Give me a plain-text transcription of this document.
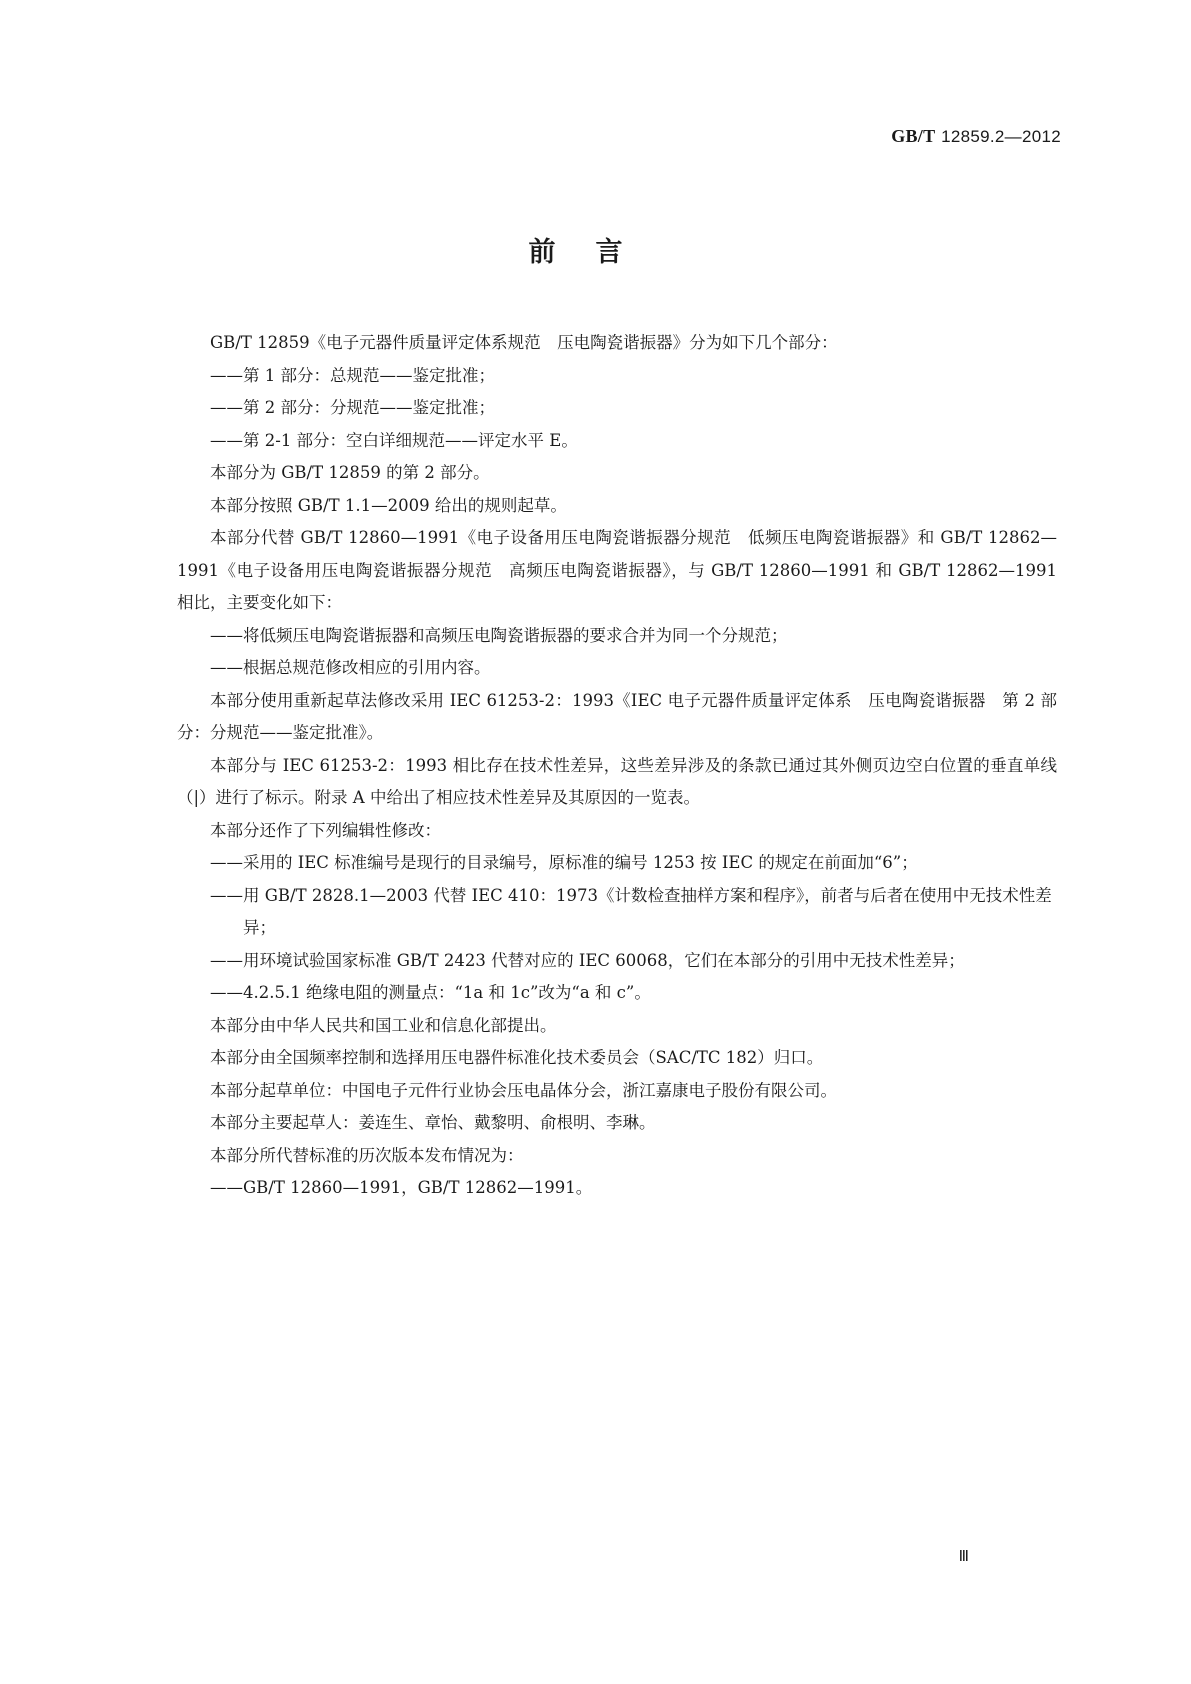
GB/T 12859.2—2012
前言

GB/T 12859《电子元器件质量评定体系规范　压电陶瓷谐振器》分为如下几个部分：

——第 1 部分：总规范——鉴定批准；

——第 2 部分：分规范——鉴定批准；

——第 2-1 部分：空白详细规范——评定水平 E。

本部分为 GB/T 12859 的第 2 部分。

本部分按照 GB/T 1.1—2009 给出的规则起草。

本部分代替 GB/T 12860—1991《电子设备用压电陶瓷谐振器分规范　低频压电陶瓷谐振器》和 GB/T 12862—1991《电子设备用压电陶瓷谐振器分规范　高频压电陶瓷谐振器》，与 GB/T 12860—1991 和 GB/T 12862—1991 相比，主要变化如下：

——将低频压电陶瓷谐振器和高频压电陶瓷谐振器的要求合并为同一个分规范；

——根据总规范修改相应的引用内容。

本部分使用重新起草法修改采用 IEC 61253-2：1993《IEC 电子元器件质量评定体系　压电陶瓷谐振器　第 2 部分：分规范——鉴定批准》。

本部分与 IEC 61253-2：1993 相比存在技术性差异，这些差异涉及的条款已通过其外侧页边空白位置的垂直单线（|）进行了标示。附录 A 中给出了相应技术性差异及其原因的一览表。

本部分还作了下列编辑性修改：

——采用的 IEC 标准编号是现行的目录编号，原标准的编号 1253 按 IEC 的规定在前面加“6”；

——用 GB/T 2828.1—2003 代替 IEC 410：1973《计数检查抽样方案和程序》，前者与后者在使用中无技术性差异；

——用环境试验国家标准 GB/T 2423 代替对应的 IEC 60068，它们在本部分的引用中无技术性差异；

——4.2.5.1 绝缘电阻的测量点：“1a 和 1c”改为“a 和 c”。

本部分由中华人民共和国工业和信息化部提出。

本部分由全国频率控制和选择用压电器件标准化技术委员会（SAC/TC 182）归口。

本部分起草单位：中国电子元件行业协会压电晶体分会，浙江嘉康电子股份有限公司。

本部分主要起草人：姜连生、章怡、戴黎明、俞根明、李琳。

本部分所代替标准的历次版本发布情况为：

——GB/T 12860—1991，GB/T 12862—1991。

Ⅲ
